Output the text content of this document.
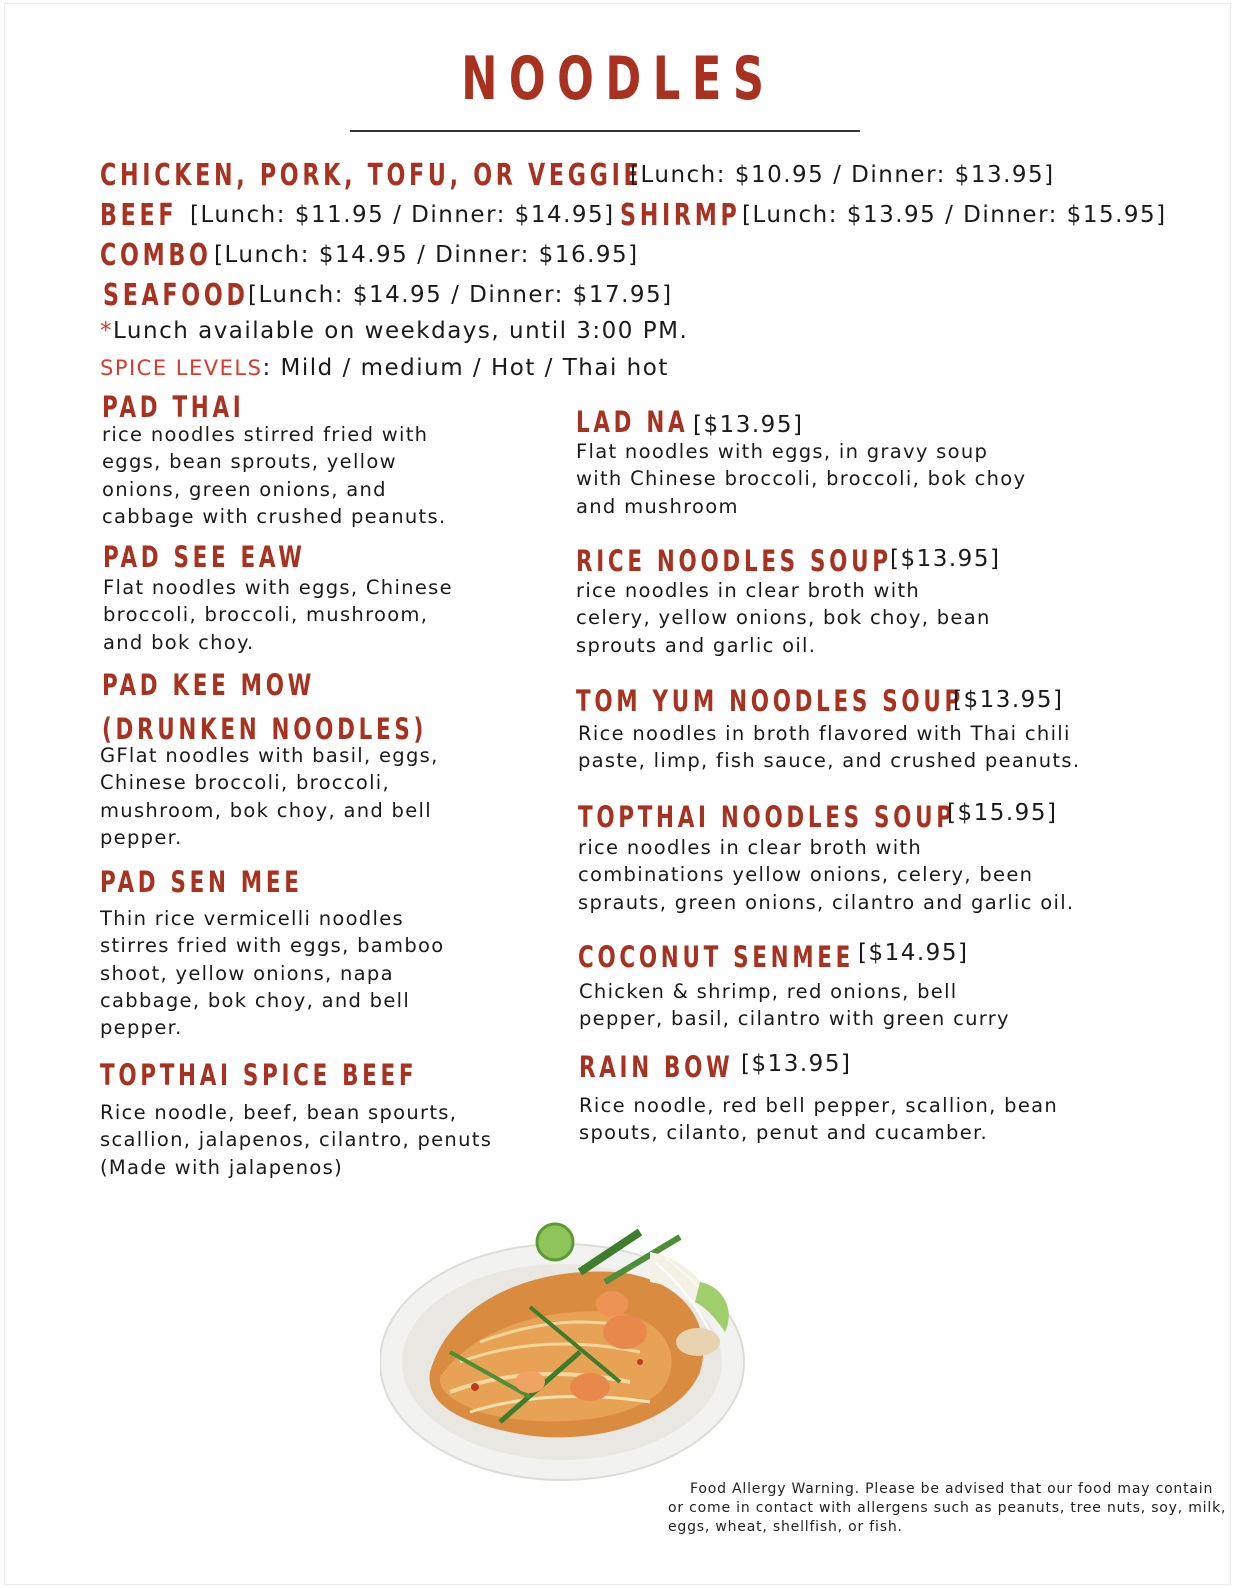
NOODLES
CHICKEN, PORK, TOFU, OR VEGGIE
[Lunch: $10.95 / Dinner: $13.95]
BEEF [Lunch: $11.95 / Dinner: $14.95] SHIRMP [Lunch: $13.95 / Dinner: $15.95]
COMBO [Lunch: $14.95 / Dinner: $16.95]
SEAFOOD [Lunch: $14.95 / Dinner: $17.95]
*Lunch available on weekdays, until 3:00 PM.
SPICE LEVELS: Mild / medium / Hot / Thai hot
PAD THAI
rice noodles stirred fried with
eggs, bean sprouts, yellow
onions, green onions, and
cabbage with crushed peanuts.
PAD SEE EAW
Flat noodles with eggs, Chinese
broccoli, broccoli, mushroom,
and bok choy.
PAD KEE MOW
(DRUNKEN NOODLES)
GFlat noodles with basil, eggs,
Chinese broccoli, broccoli,
mushroom, bok choy, and bell
pepper.
PAD SEN MEE
Thin rice vermicelli noodles
stirres fried with eggs, bamboo
shoot, yellow onions, napa
cabbage, bok choy, and bell
pepper.
TOPTHAI SPICE BEEF
Rice noodle, beef, bean spourts,
scallion, jalapenos, cilantro, penuts
(Made with jalapenos)
LAD NA [$13.95]
Flat noodles with eggs, in gravy soup
with Chinese broccoli, broccoli, bok choy
and mushroom
RICE NOODLES SOUP
[$13.95]
rice noodles in clear broth with
celery, yellow onions, bok choy, bean
sprouts and garlic oil.
TOM YUM NOODLES SOUP
[$13.95]
Rice noodles in broth flavored with Thai chili
paste, limp, fish sauce, and crushed peanuts.
TOPTHAI NOODLES SOUP
[$15.95]
rice noodles in clear broth with
combinations yellow onions, celery, been
sprauts, green onions, cilantro and garlic oil.
COCONUT SENMEE [$14.95]
Chicken & shrimp, red onions, bell
pepper, basil, cilantro with green curry
RAIN BOW [$13.95]
Rice noodle, red bell pepper, scallion, bean
spouts, cilanto, penut and cucamber.
Food Allergy Warning. Please be advised that our food may contain or come in contact with allergens such as peanuts, tree nuts, soy, milk, eggs, wheat, shellfish, or fish.
